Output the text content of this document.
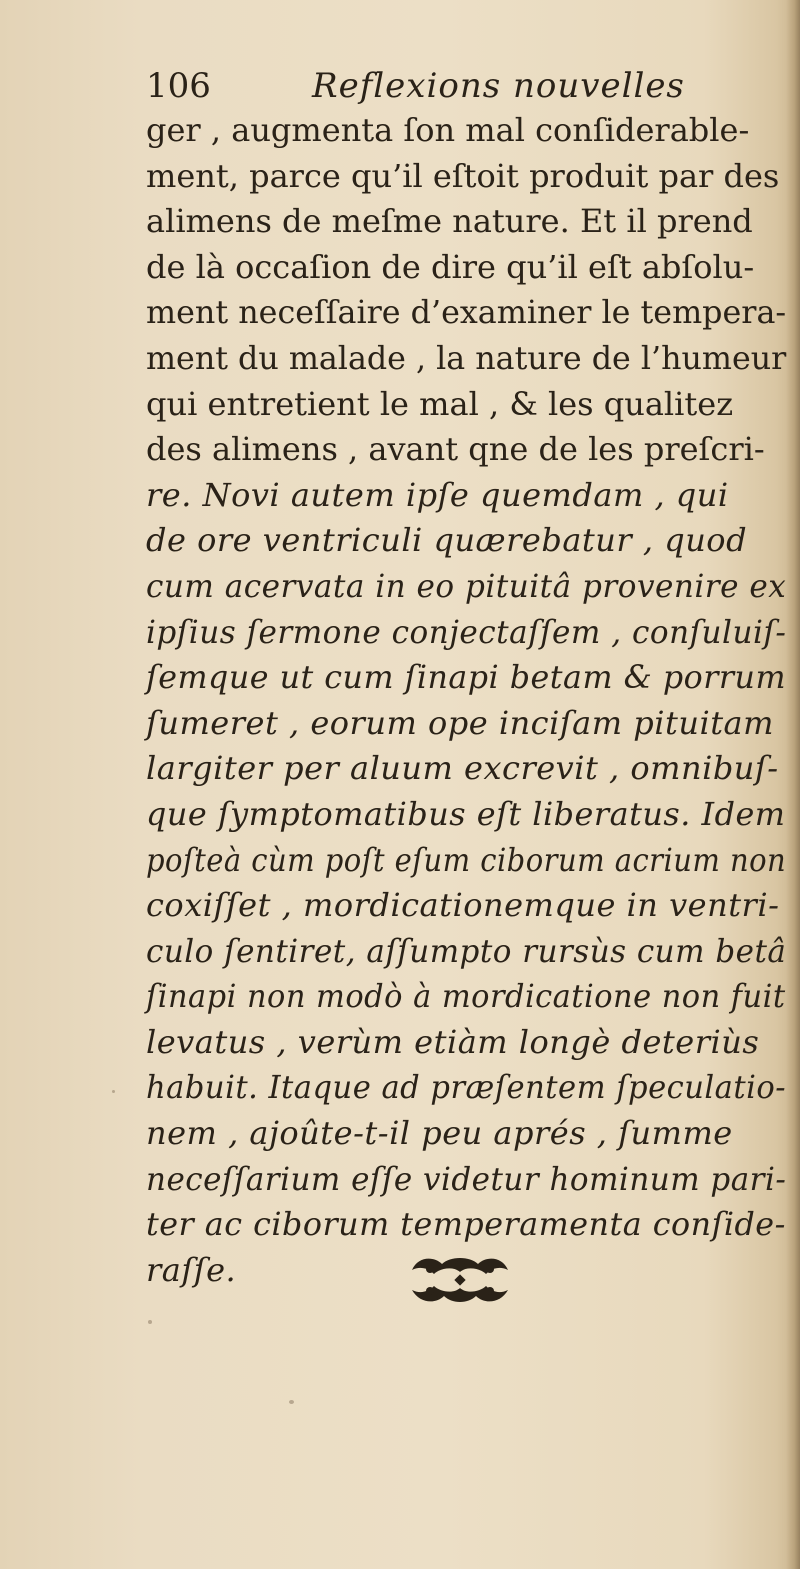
106	Reflexions nouvelles
ger , augmenta ſon mal conſiderable-
ment, parce qu’il eſtoit produit par des
alimens de meſme nature. Et il prend
de là occaſion de dire qu’il eſt abſolu-
ment neceſſaire d’examiner le tempera-
ment du malade , la nature de l’humeur
qui entretient le mal , & les qualitez
des alimens , avant qne de les preſcri-
re. Novi autem ipſe quemdam , qui
de ore ventriculi quærebatur , quod
cum acervata in eo pituitâ provenire ex
ipſius ſermone conjectaſſem , conſuluiſ-
ſemque ut cum ſinapi betam & porrum
ſumeret , eorum ope inciſam pituitam
largiter per aluum excrevit , omnibuſ-
que ſymptomatibus eſt liberatus. Idem
poſteà cùm poſt eſum ciborum acrium non
coxiſſet , mordicationemque in ventri-
culo ſentiret, aſſumpto rursùs cum betâ
ſinapi non modò à mordicatione non fuit
levatus , verùm etiàm longè deteriùs
habuit. Itaque ad præſentem ſpeculatio-
nem , ajoûte-t-il peu aprés , ſumme
neceſſarium eſſe videtur hominum pari-
ter ac ciborum temperamenta conſide-
raſſe.
